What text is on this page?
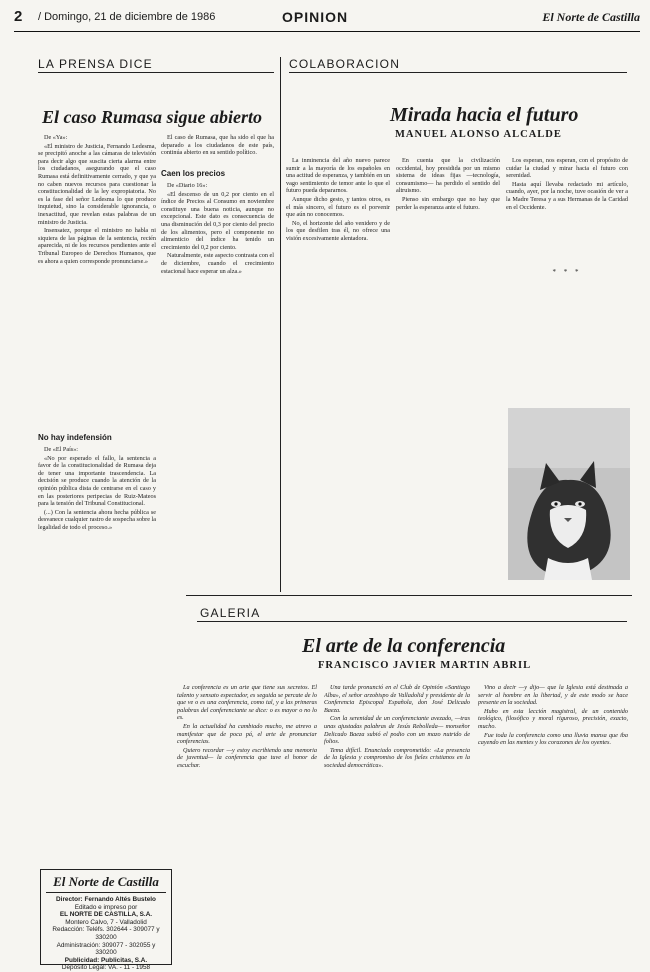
2 / Domingo, 21 de diciembre de 1986	OPINION	El Norte de Castilla
LA PRENSA DICE
El caso Rumasa sigue abierto

De «Ya»:

«El ministro de Justicia, Fernando Ledesma, se precipitó anoche a las cámaras de televisión para decir algo que suscita cierta alarma entre los ciudadanos, asegurando que el caso Rumasa está definitivamente cerrado, y que ya no caben nuevos recursos para cuestionar la constitucionalidad de la ley expropiatoria. No es la fase del señor Ledesma lo que produce inquietud, sino la considerable ignorancia, o inexactitud, que revelan estas palabras de un ministro de Justicia.

Insensatez, porque el ministro no habla ni siquiera de las páginas de la sentencia, recién aparecida, ni de los recursos pendientes ante el Tribunal Europeo de Derechos Humanos, que es ahora a quien corresponde pronunciarse.»

No hay indefensión

De «El País»:

«No por esperado el fallo, la sentencia a favor de la constitucionalidad de Rumasa deja de tener una importante trascendencia. La decisión se produce cuando la atención de la opinión pública dista de centrarse en el caso y en las posteriores peripecias de Ruiz-Mateos para la tensión del Tribunal Constitucional.

(...) Con la sentencia ahora hecha pública se desvanece cualquier rastro de sospecha sobre la legalidad de todo el proceso.»

El caso de Rumasa, que ha sido el que ha deparado a los ciudadanos de este país, continúa abierto en su sentido político.

Caen los precios

De «Diario 16»:

«El descenso de un 0,2 por ciento en el índice de Precios al Consumo en noviembre constituye una buena noticia, aunque no excepcional. Este dato es consecuencia de una disminución del 0,3 por ciento del precio de los alimentos, pero el componente no alimenticio del índice ha tenido un crecimiento del 0,2 por ciento.

Naturalmente, este aspecto contrasta con el de diciembre, cuando el crecimiento estacional hace esperar un alza.»

COLABORACION
Mirada hacia el futuro
MANUEL ALONSO ALCALDE

La inminencia del año nuevo parece sumir a la mayoría de los españoles en una actitud de esperanza, y también en un vago sentimiento de temor ante lo que el futuro pueda depararnos.

Aunque dicho gesto, y tantos otros, es el más sincero, el futuro es el porvenir que aún no conocemos.

No, el horizonte del año venidero y de los que desfilen tras él, no ofrece una visión excesivamente alentadora.

En cuenta que la civilización occidental, hoy presidida por un mismo sistema de ideas fijas —tecnología, consumismo— ha perdido el sentido del altruismo.

Pienso sin embargo que no hay que perder la esperanza ante el futuro.

Los esperan, nos esperan, con el propósito de cuidar la ciudad y mirar hacia el futuro con serenidad.

Hasta aquí llevaba redactado mi artículo, cuando, ayer, por la noche, tuve ocasión de ver a la Madre Teresa y a sus Hermanas de la Caridad en el Occidente.

* * *
GALERIA
El arte de la conferencia
FRANCISCO JAVIER MARTIN ABRIL

La conferencia es un arte que tiene sus secretos. El talento y sensato espectador, es seguida se percate de lo que ve o es una conferencia, como tal, y a las primeras palabras del conferenciante se dice: o es mayor o no lo es.

En la actualidad ha cambiado mucho, me atrevo a manifestar que de poca pá, el arte de pronunciar conferencias.

Quiero recordar —y estoy escribiendo una memoria de juventud— la conferencia que tuve el honor de escuchar.

Una tarde pronunció en el Club de Opinión «Santiago Alba», el señor arzobispo de Valladolid y presidente de la Conferencia Episcopal Española, don José Delicado Baeza.

Con la serenidad de un conferenciante avezado, —tras unas ajustadas palabras de Jesús Rebolleda— monseñor Delicado Baeza subió el podio con un mazo nutrido de folios.

Tema difícil. Enunciado comprometido: «La presencia de la Iglesia y compromiso de los fieles cristianos en la sociedad democrática».

Vino a decir —y dijo— que la Iglesia está destinada a servir al hombre en la libertad, y de este modo se hace presente en la sociedad.

Hubo en esta lección magistral, de un contenido teológico, filosófico y moral riguroso, precisión, exacto, mucho.

Fue toda la conferencia como una lluvia mansa que iba cayendo en las mentes y los corazones de los oyentes.

El Norte de Castilla
Director: Fernando Altés Bustelo
Editado e impreso por
EL NORTE DE CASTILLA, S.A.
Montero Calvo, 7 - Valladolid
Redacción: Teléfs. 302644 - 309077 y 330200
Administración: 309077 - 302055 y 330200
Publicidad: Publicitas, S.A.
Depósito Legal: VA. - 11 - 1958
